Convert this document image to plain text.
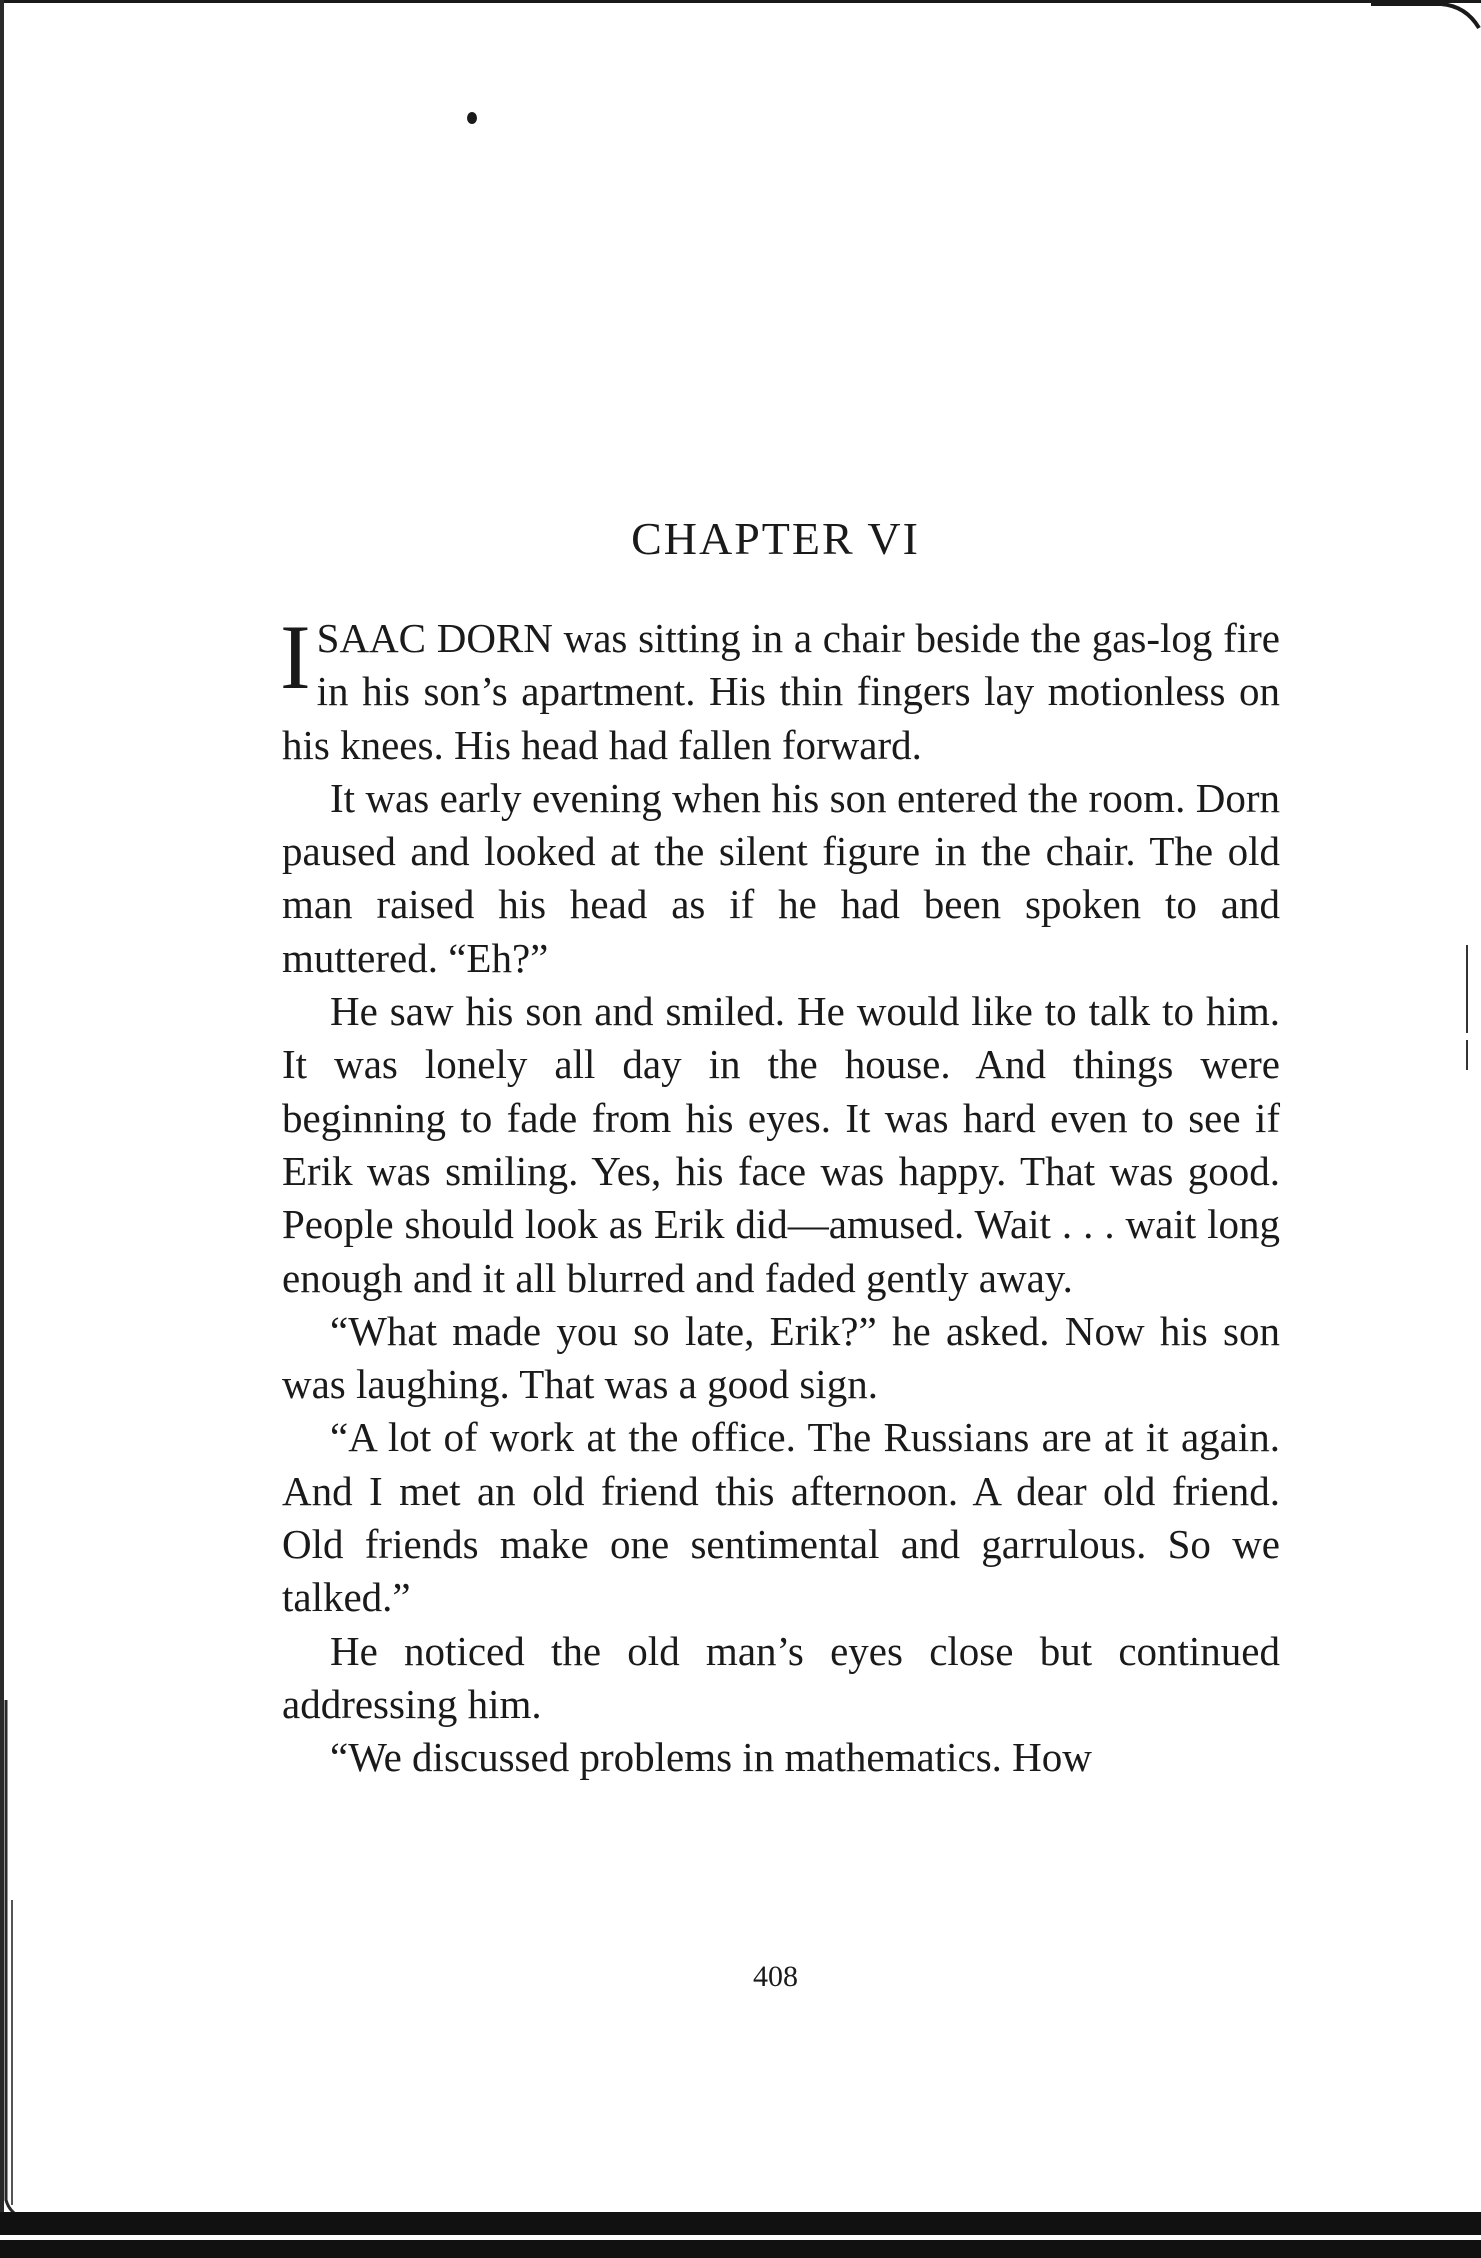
CHAPTER VI

ISAAC DORN was sitting in a chair beside the gas-log fire in his son’s apartment. His thin fingers lay motionless on his knees. His head had fallen forward.

It was early evening when his son entered the room. Dorn paused and looked at the silent figure in the chair. The old man raised his head as if he had been spoken to and muttered. “Eh?”

He saw his son and smiled. He would like to talk to him. It was lonely all day in the house. And things were beginning to fade from his eyes. It was hard even to see if Erik was smiling. Yes, his face was happy. That was good. People should look as Erik did—amused. Wait . . . wait long enough and it all blurred and faded gently away.

“What made you so late, Erik?” he asked. Now his son was laughing. That was a good sign.

“A lot of work at the office. The Russians are at it again. And I met an old friend this afternoon. A dear old friend. Old friends make one sentimental and garrulous. So we talked.”

He noticed the old man’s eyes close but continued addressing him.

“We discussed problems in mathematics. How

408
